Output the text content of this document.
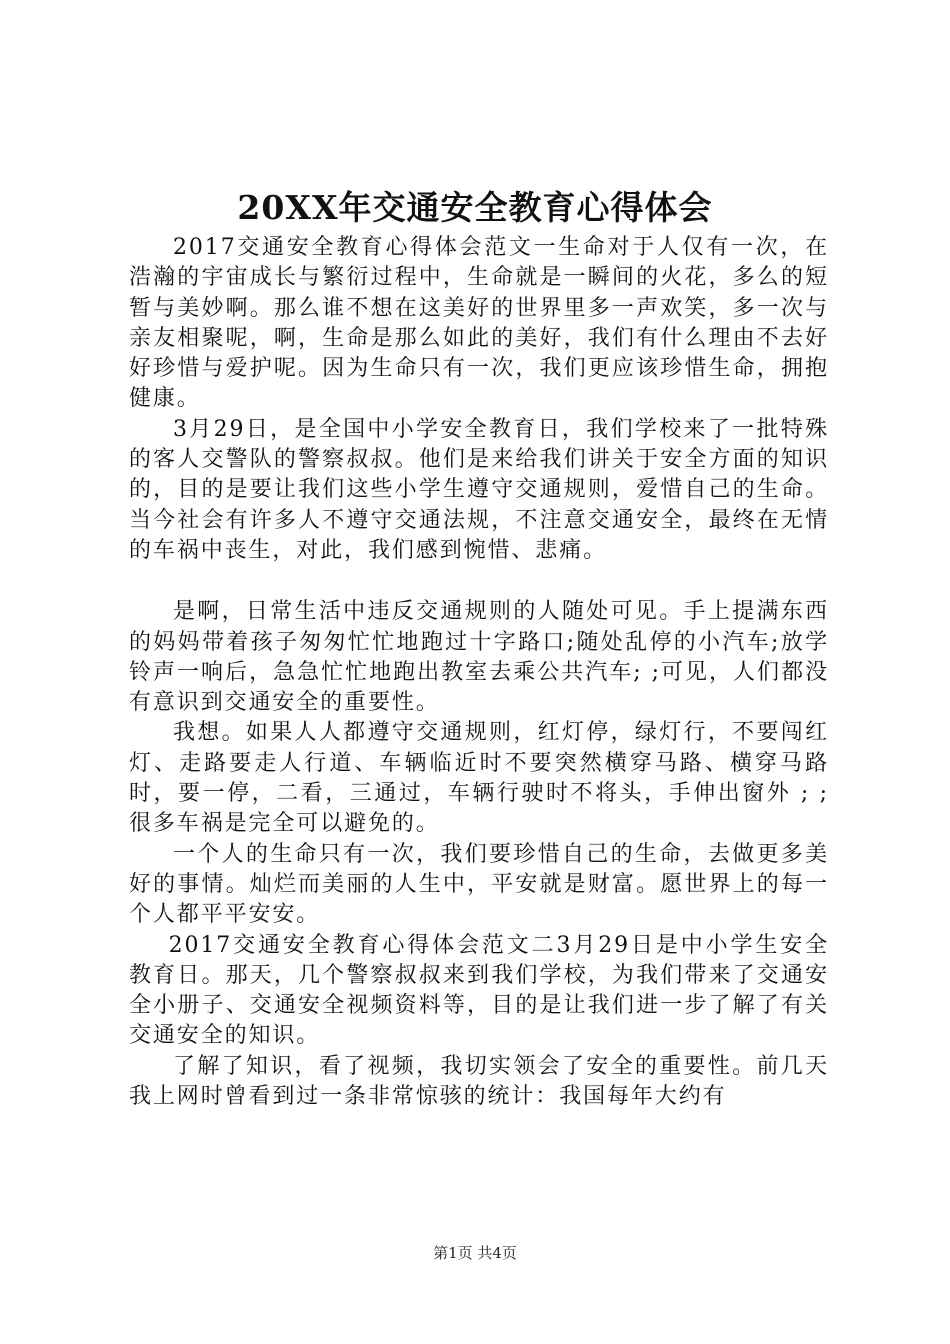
20XX年交通安全教育心得体会

2017交通安全教育心得体会范文一生命对于人仅有一次，在浩瀚的宇宙成长与繁衍过程中，生命就是一瞬间的火花，多么的短暂与美妙啊。那么谁不想在这美好的世界里多一声欢笑，多一次与亲友相聚呢，啊，生命是那么如此的美好，我们有什么理由不去好好珍惜与爱护呢。因为生命只有一次，我们更应该珍惜生命，拥抱健康。

3月29日，是全国中小学安全教育日，我们学校来了一批特殊的客人交警队的警察叔叔。他们是来给我们讲关于安全方面的知识的，目的是要让我们这些小学生遵守交通规则，爱惜自己的生命。当今社会有许多人不遵守交通法规，不注意交通安全，最终在无情的车祸中丧生，对此，我们感到惋惜、悲痛。

是啊，日常生活中违反交通规则的人随处可见。手上提满东西的妈妈带着孩子匆匆忙忙地跑过十字路口;随处乱停的小汽车;放学铃声一响后，急急忙忙地跑出教室去乘公共汽车; ;可见，人们都没有意识到交通安全的重要性。

我想。如果人人都遵守交通规则，红灯停，绿灯行，不要闯红灯、走路要走人行道、车辆临近时不要突然横穿马路、横穿马路时，要一停，二看，三通过，车辆行驶时不将头，手伸出窗外 ; ;很多车祸是完全可以避免的。

一个人的生命只有一次，我们要珍惜自己的生命，去做更多美好的事情。灿烂而美丽的人生中，平安就是财富。愿世界上的每一个人都平平安安。

2017交通安全教育心得体会范文二3月29日是中小学生安全教育日。那天，几个警察叔叔来到我们学校，为我们带来了交通安全小册子、交通安全视频资料等，目的是让我们进一步了解了有关交通安全的知识。

了解了知识，看了视频，我切实领会了安全的重要性。前几天我上网时曾看到过一条非常惊骇的统计：我国每年大约有

第1页 共4页
